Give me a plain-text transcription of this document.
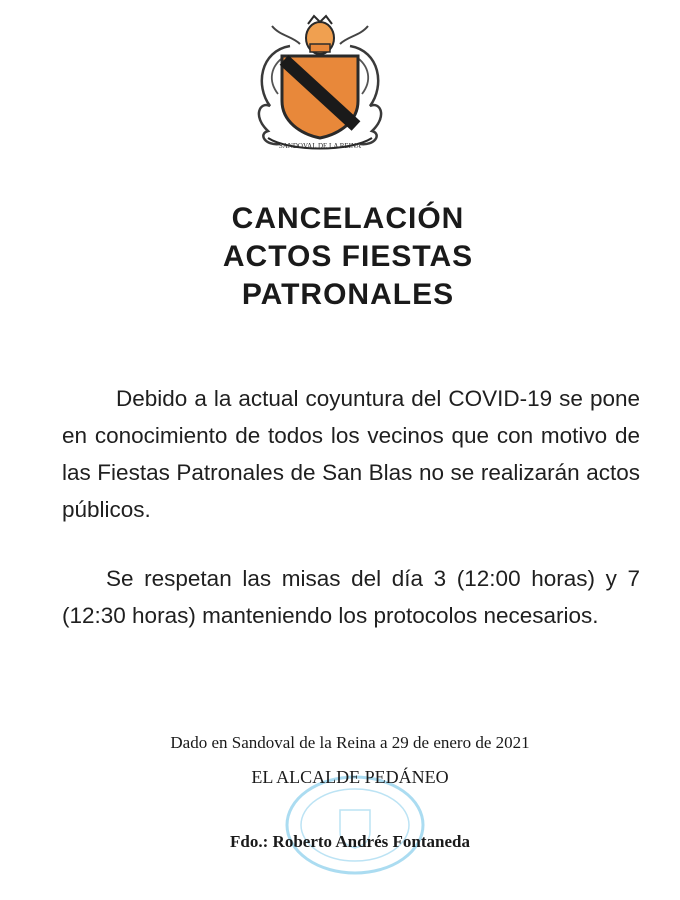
SANDOVAL DE LA REINA
CANCELACIÓN
ACTOS FIESTAS
PATRONALES
Debido a la actual coyuntura del COVID-19 se pone en conocimiento de todos los vecinos que con motivo de las Fiestas Patronales de San Blas no se realizarán actos públicos.
Se respetan las misas del día 3 (12:00 horas) y 7 (12:30 horas) manteniendo los protocolos necesarios.
Dado en Sandoval de la Reina a 29 de enero de 2021
EL ALCALDE PEDÁNEO
Fdo.: Roberto Andrés Fontaneda
